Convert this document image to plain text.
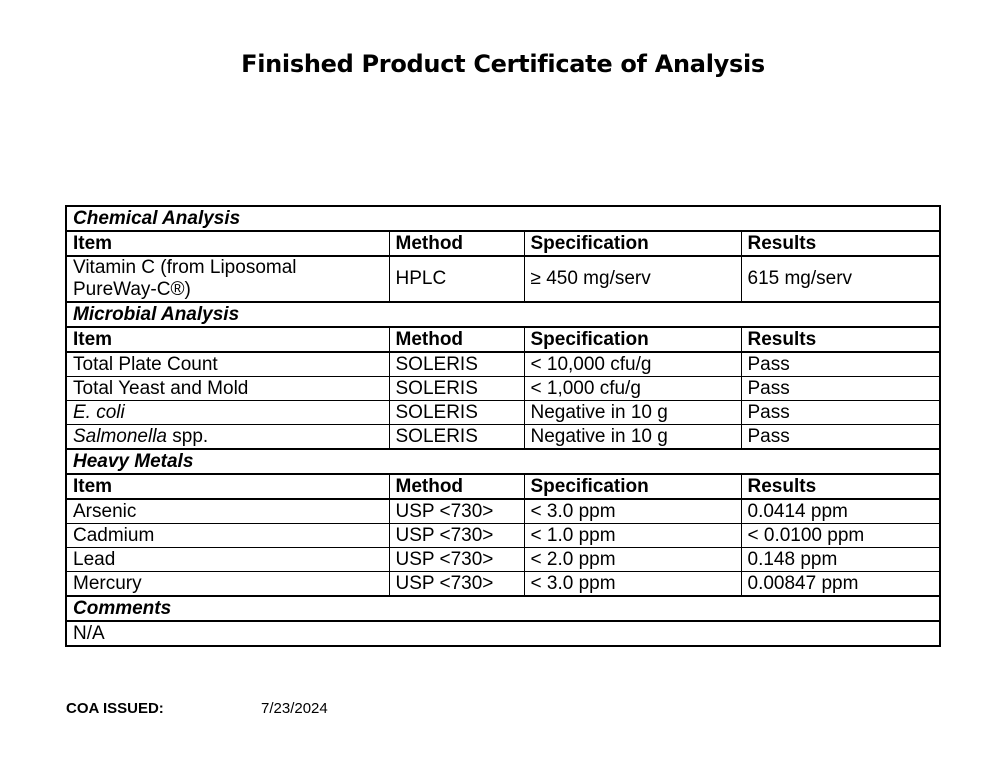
Finished Product Certificate of Analysis
Chemical Analysis			
Item	Method	Specification	Results
Vitamin C (from Liposomal PureWay-C®)	HPLC	≥ 450 mg/serv	615 mg/serv
Microbial Analysis			
Item	Method	Specification	Results
Total Plate Count	SOLERIS	< 10,000 cfu/g	Pass
Total Yeast and Mold	SOLERIS	< 1,000 cfu/g	Pass
E. coli	SOLERIS	Negative in 10 g	Pass
Salmonella spp.	SOLERIS	Negative in 10 g	Pass
Heavy Metals			
Item	Method	Specification	Results
Arsenic	USP <730>	< 3.0 ppm	0.0414 ppm
Cadmium	USP <730>	< 1.0 ppm	< 0.0100 ppm
Lead	USP <730>	< 2.0 ppm	0.148 ppm
Mercury	USP <730>	< 3.0 ppm	0.00847 ppm
Comments			
N/A			
COA ISSUED:	7/23/2024
